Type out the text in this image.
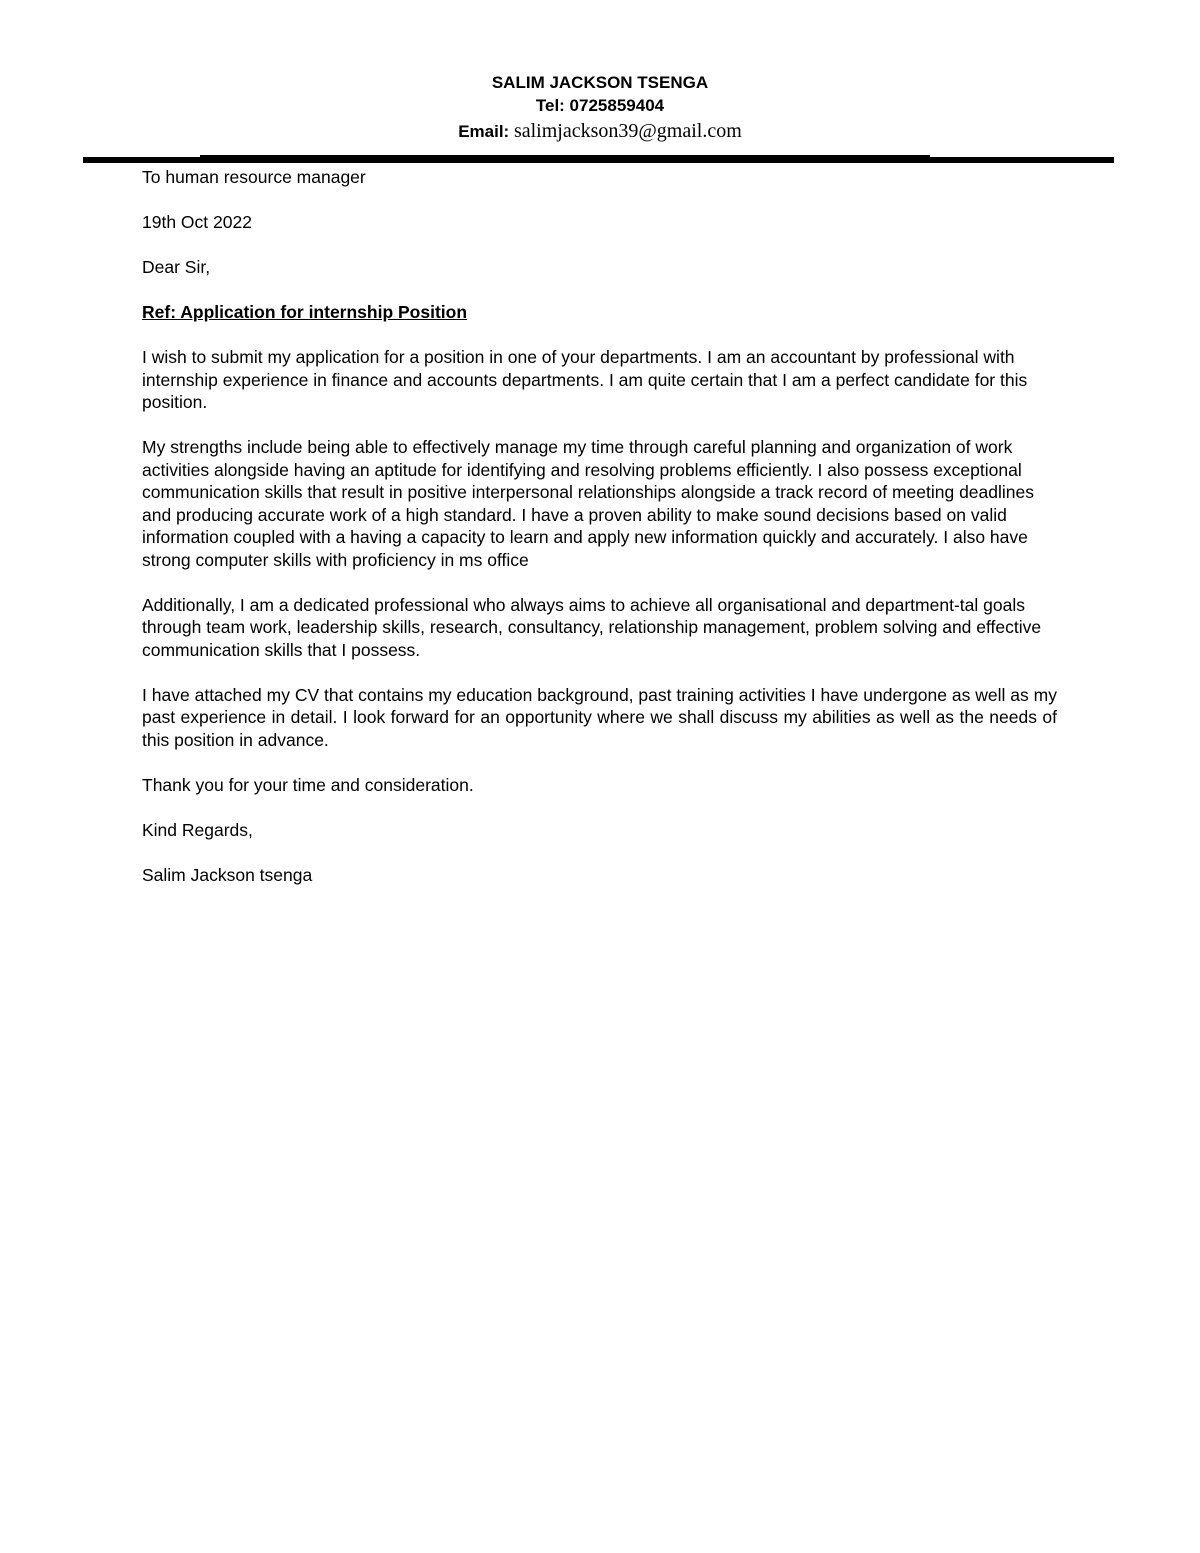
SALIM JACKSON TSENGA
Tel: 0725859404
Email: salimjackson39@gmail.com

To human resource manager

19th Oct 2022

Dear Sir,

Ref: Application for internship Position

I wish to submit my application for a position in one of your departments. I am an accountant by professional with internship experience in finance and accounts departments. I am quite certain that I am a perfect candidate for this position.

My strengths include being able to effectively manage my time through careful planning and organization of work activities alongside having an aptitude for identifying and resolving problems efficiently. I also possess exceptional communication skills that result in positive interpersonal relationships alongside a track record of meeting deadlines and producing accurate work of a high standard. I have a proven ability to make sound decisions based on valid information coupled with a having a capacity to learn and apply new information quickly and accurately. I also have strong computer skills with proficiency in ms office

Additionally, I am a dedicated professional who always aims to achieve all organisational and department-tal goals through team work, leadership skills, research, consultancy, relationship management, problem solving and effective communication skills that I possess.

I have attached my CV that contains my education background, past training activities I have undergone as well as my past experience in detail. I look forward for an opportunity where we shall discuss my abilities as well as the needs of this position in advance.

Thank you for your time and consideration.

Kind Regards,

Salim Jackson tsenga
